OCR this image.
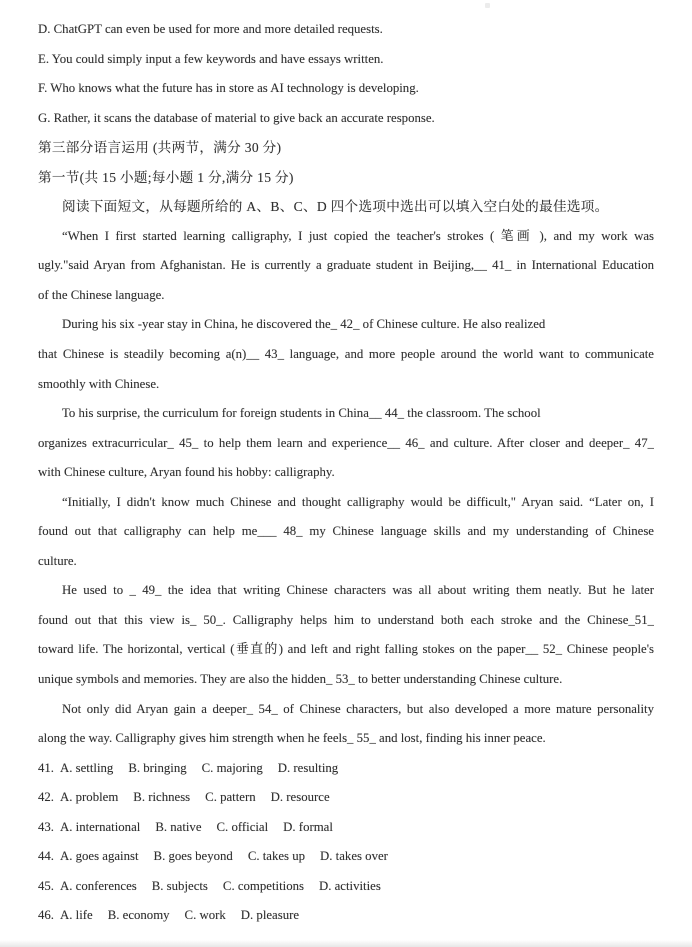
D. ChatGPT can even be used for more and more detailed requests.
E. You could simply input a few keywords and have essays written.
F. Who knows what the future has in store as AI technology is developing.
G. Rather, it scans the database of material to give back an accurate response.
第三部分语言运用 (共两节，满分 30 分)
第一节(共 15 小题;每小题 1 分,满分 15 分)
阅读下面短文，从每题所给的 A、B、C、D 四个选项中选出可以填入空白处的最佳选项。
“When I first started learning calligraphy, I just copied the teacher's strokes ( 笔画 ), and my work was
ugly."said Aryan from Afghanistan. He is currently a graduate student in Beijing,__ 41_ in International Education
of the Chinese language.
During his six -year stay in China, he discovered the_ 42_ of Chinese culture. He also realized
that Chinese is steadily becoming a(n)__ 43_ language, and more people around the world want to communicate
smoothly with Chinese.
To his surprise, the curriculum for foreign students in China__ 44_ the classroom. The school
organizes extracurricular_ 45_ to help them learn and experience__ 46_ and culture. After closer and deeper_ 47_
with Chinese culture, Aryan found his hobby: calligraphy.
“Initially, I didn't know much Chinese and thought calligraphy would be difficult," Aryan said. “Later on, I
found out that calligraphy can help me___ 48_ my Chinese language skills and my understanding of Chinese
culture.
He used to _ 49_ the idea that writing Chinese characters was all about writing them neatly. But he later
found out that this view is_ 50_. Calligraphy helps him to understand both each stroke and the Chinese_51_
toward life. The horizontal, vertical (垂直的) and left and right falling stokes on the paper__ 52_ Chinese people's
unique symbols and memories. They are also the hidden_ 53_ to better understanding Chinese culture.
Not only did Aryan gain a deeper_ 54_ of Chinese characters, but also developed a more mature personality
along the way. Calligraphy gives him strength when he feels_ 55_ and lost, finding his inner peace.
41. A. settling B. bringing C. majoring D. resulting
42. A. problem B. richness C. pattern D. resource
43. A. international B. native C. official D. formal
44. A. goes against B. goes beyond C. takes up D. takes over
45. A. conferences B. subjects C. competitions D. activities
46. A. life B. economy C. work D. pleasure
